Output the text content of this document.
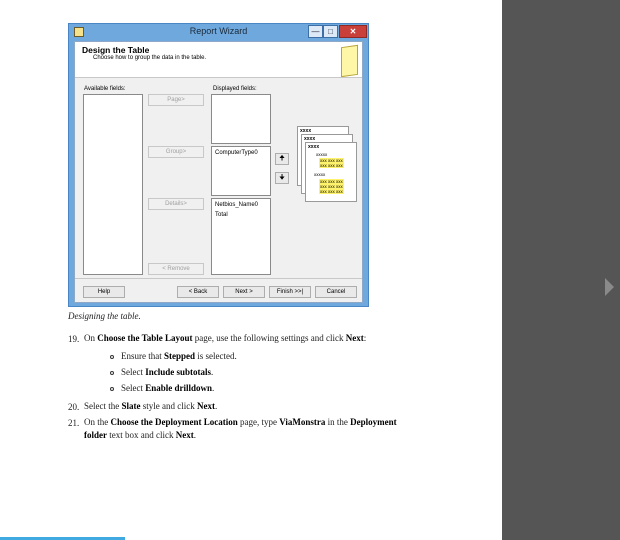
Report Wizard	—	□	✕
Design the Table
Choose how to group the data in the table.
Available fields:
Page>
Group>
Details>
< Remove
Displayed fields:
ComputerType0
Netbios_Name0
Total
🠉
🠋
xxxx
xxxx
xxxx
xxxxx
xxx xxx xxx
xxx xxx xxx
xxxxx
xxx xxx xxx
xxx xxx xxx
xxx xxx xxx
Help	< Back	Next >	Finish >>|	Cancel
Designing the table.
19. On Choose the Table Layout page, use the following settings and click Next:
Ensure that Stepped is selected.
Select Include subtotals.
Select Enable drilldown.
20. Select the Slate style and click Next.
21. On the Choose the Deployment Location page, type ViaMonstra in the Deployment
folder text box and click Next.
